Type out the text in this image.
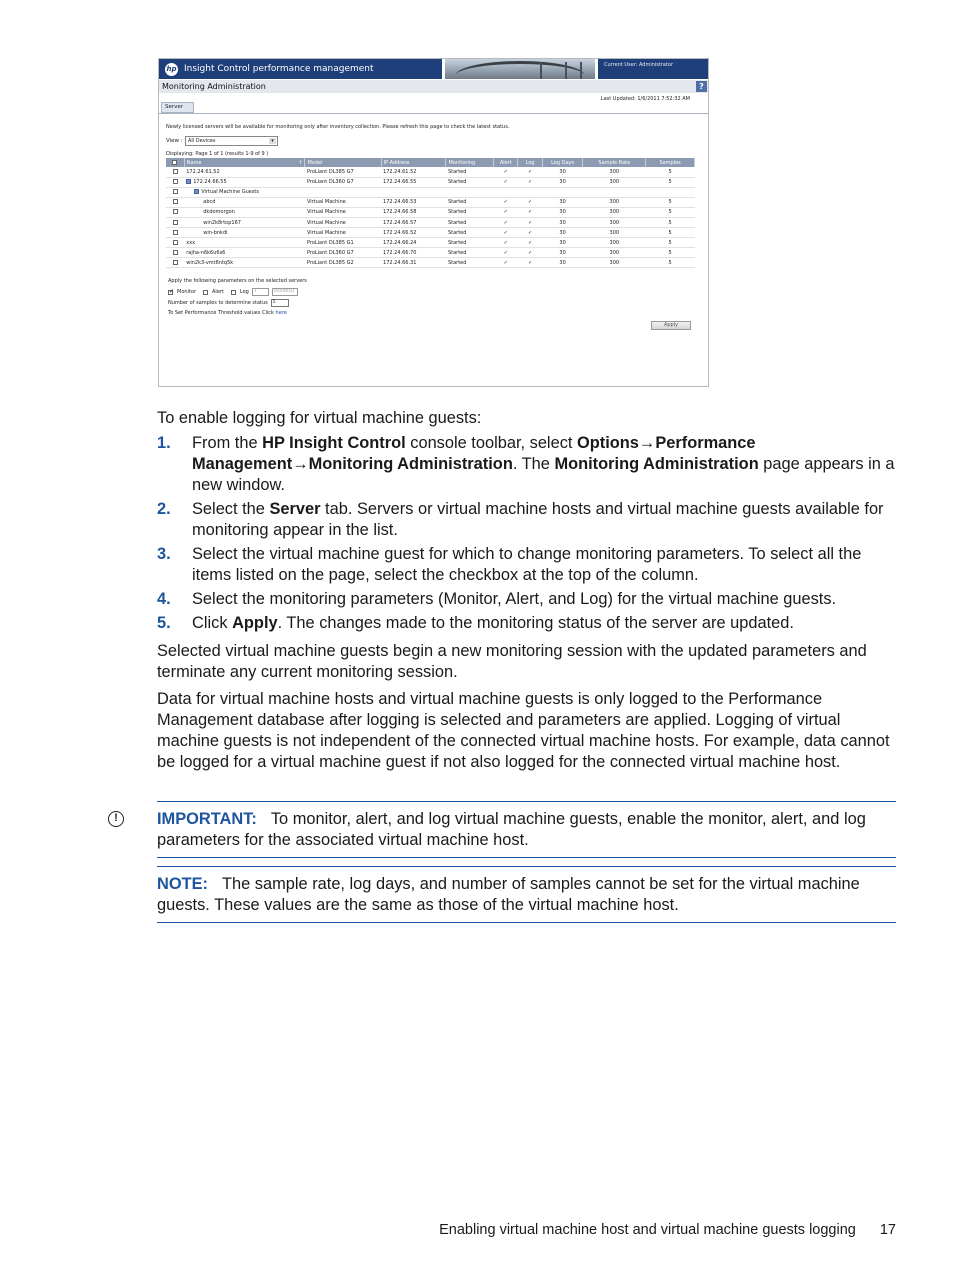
hp Insight Control performance management	Current User: Administrator
Monitoring Administration	?
Last Updated: 1/6/2011 7:52:32 AM
Server
Newly licensed servers will be available for monitoring only after inventory collection. Please refresh this page to check the latest status.
View :	All Devices	▾
Displaying: Page 1 of 1 (results 1-9 of 9 )
	Name ↑	Model	IP Address	Monitoring	Alert	Log	Log Days	Sample Rate	Samples
	172.24.61.52	ProLiant DL385 G7	172.24.61.52	Started	✓	✓	30	300	5
	172.24.66.55	ProLiant DL360 G7	172.24.66.55	Started	✓	✓	30	300	5
	Virtual Machine Guests								
	abcd	Virtual Machine	172.24.66.53	Started	✓	✓	30	300	5
	dkdomorgon	Virtual Machine	172.24.66.58	Started	✓	✓	30	300	5
	win2k8rtop167	Virtual Machine	172.24.66.57	Started	✓	✓	30	300	5
	win-bnkdi	Virtual Machine	172.24.66.52	Started	✓	✓	30	300	5
	xxx	ProLiant DL385 G1	172.24.66.24	Started	✓	✓	30	300	5
	rajha-n6k6u6s6	ProLiant DL360 G7	172.24.66.70	Started	✓	✓	30	300	5
	win2k3-vmt6ntq5k	ProLiant DL385 G2	172.24.66.31	Started	✓	✓	30	300	5
Apply the following parameters on the selected servers
✓
Monitor	Alert	Log	7	month(s)
Number of samples to determine status	5
To Set Performance Threshold values Click here
Apply
To enable logging for virtual machine guests:
1. From the HP Insight Control console toolbar, select Options→Performance Management→Monitoring Administration. The Monitoring Administration page appears in a new window.
2. Select the Server tab. Servers or virtual machine hosts and virtual machine guests available for monitoring appear in the list.
3. Select the virtual machine guest for which to change monitoring parameters. To select all the items listed on the page, select the checkbox at the top of the column.
4. Select the monitoring parameters (Monitor, Alert, and Log) for the virtual machine guests.
5. Click Apply. The changes made to the monitoring status of the server are updated.
Selected virtual machine guests begin a new monitoring session with the updated parameters and terminate any current monitoring session.
Data for virtual machine hosts and virtual machine guests is only logged to the Performance Management database after logging is selected and parameters are applied. Logging of virtual machine guests is not independent of the connected virtual machine hosts. For example, data cannot be logged for a virtual machine guest if not also logged for the connected virtual machine host.
!	IMPORTANT: To monitor, alert, and log virtual machine guests, enable the monitor, alert, and log parameters for the associated virtual machine host.
NOTE: The sample rate, log days, and number of samples cannot be set for the virtual machine guests. These values are the same as those of the virtual machine host.
Enabling virtual machine host and virtual machine guests logging 17
